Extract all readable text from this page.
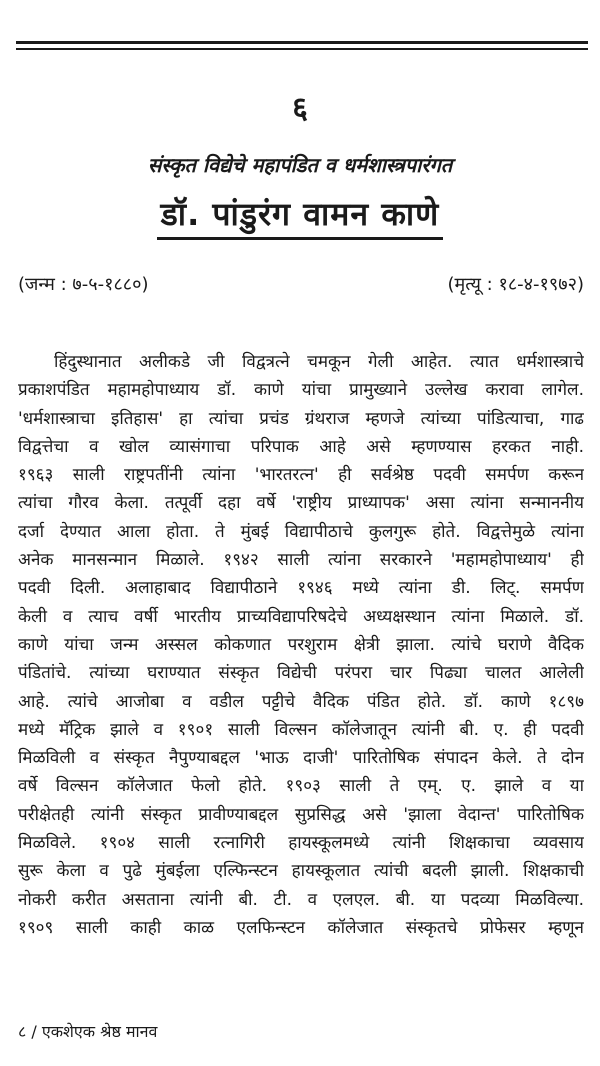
६
संस्कृत विद्येचे महापंडित व धर्मशास्त्रपारंगत
डॉ. पांडुरंग वामन काणे
(जन्म : ७-५-१८८०)	(मृत्यू : १८-४-१९७२)
हिंदुस्थानात अलीकडे जी विद्वत्रत्ने चमकून गेली आहेत. त्यात धर्मशास्त्राचे
प्रकाशपंडित महामहोपाध्याय डॉ. काणे यांचा प्रामुख्याने उल्लेख करावा लागेल.
'धर्मशास्त्राचा इतिहास' हा त्यांचा प्रचंड ग्रंथराज म्हणजे त्यांच्या पांडित्याचा, गाढ
विद्वत्तेचा व खोल व्यासंगाचा परिपाक आहे असे म्हणण्यास हरकत नाही.
१९६३ साली राष्ट्रपतींनी त्यांना 'भारतरत्न' ही सर्वश्रेष्ठ पदवी समर्पण करून
त्यांचा गौरव केला. तत्पूर्वी दहा वर्षे 'राष्ट्रीय प्राध्यापक' असा त्यांना सन्माननीय
दर्जा देण्यात आला होता. ते मुंबई विद्यापीठाचे कुलगुरू होते. विद्वत्तेमुळे त्यांना
अनेक मानसन्मान मिळाले. १९४२ साली त्यांना सरकारने 'महामहोपाध्याय' ही
पदवी दिली. अलाहाबाद विद्यापीठाने १९४६ मध्ये त्यांना डी. लिट्. समर्पण
केली व त्याच वर्षी भारतीय प्राच्यविद्यापरिषदेचे अध्यक्षस्थान त्यांना मिळाले. डॉ.
काणे यांचा जन्म अस्सल कोकणात परशुराम क्षेत्री झाला. त्यांचे घराणे वैदिक
पंडितांचे. त्यांच्या घराण्यात संस्कृत विद्येची परंपरा चार पिढ्या चालत आलेली
आहे. त्यांचे आजोबा व वडील पट्टीचे वैदिक पंडित होते. डॉ. काणे १८९७
मध्ये मॅट्रिक झाले व १९०१ साली विल्सन कॉलेजातून त्यांनी बी. ए. ही पदवी
मिळविली व संस्कृत नैपुण्याबद्दल 'भाऊ दाजी' पारितोषिक संपादन केले. ते दोन
वर्षे विल्सन कॉलेजात फेलो होते. १९०३ साली ते एम्. ए. झाले व या
परीक्षेतही त्यांनी संस्कृत प्रावीण्याबद्दल सुप्रसिद्ध असे 'झाला वेदान्त' पारितोषिक
मिळविले. १९०४ साली रत्नागिरी हायस्कूलमध्ये त्यांनी शिक्षकाचा व्यवसाय
सुरू केला व पुढे मुंबईला एल्फिन्स्टन हायस्कूलात त्यांची बदली झाली. शिक्षकाची
नोकरी करीत असताना त्यांनी बी. टी. व एलएल. बी. या पदव्या मिळविल्या.
१९०९ साली काही काळ एलफिन्स्टन कॉलेजात संस्कृतचे प्रोफेसर म्हणून
८ / एकशेएक श्रेष्ठ मानव
